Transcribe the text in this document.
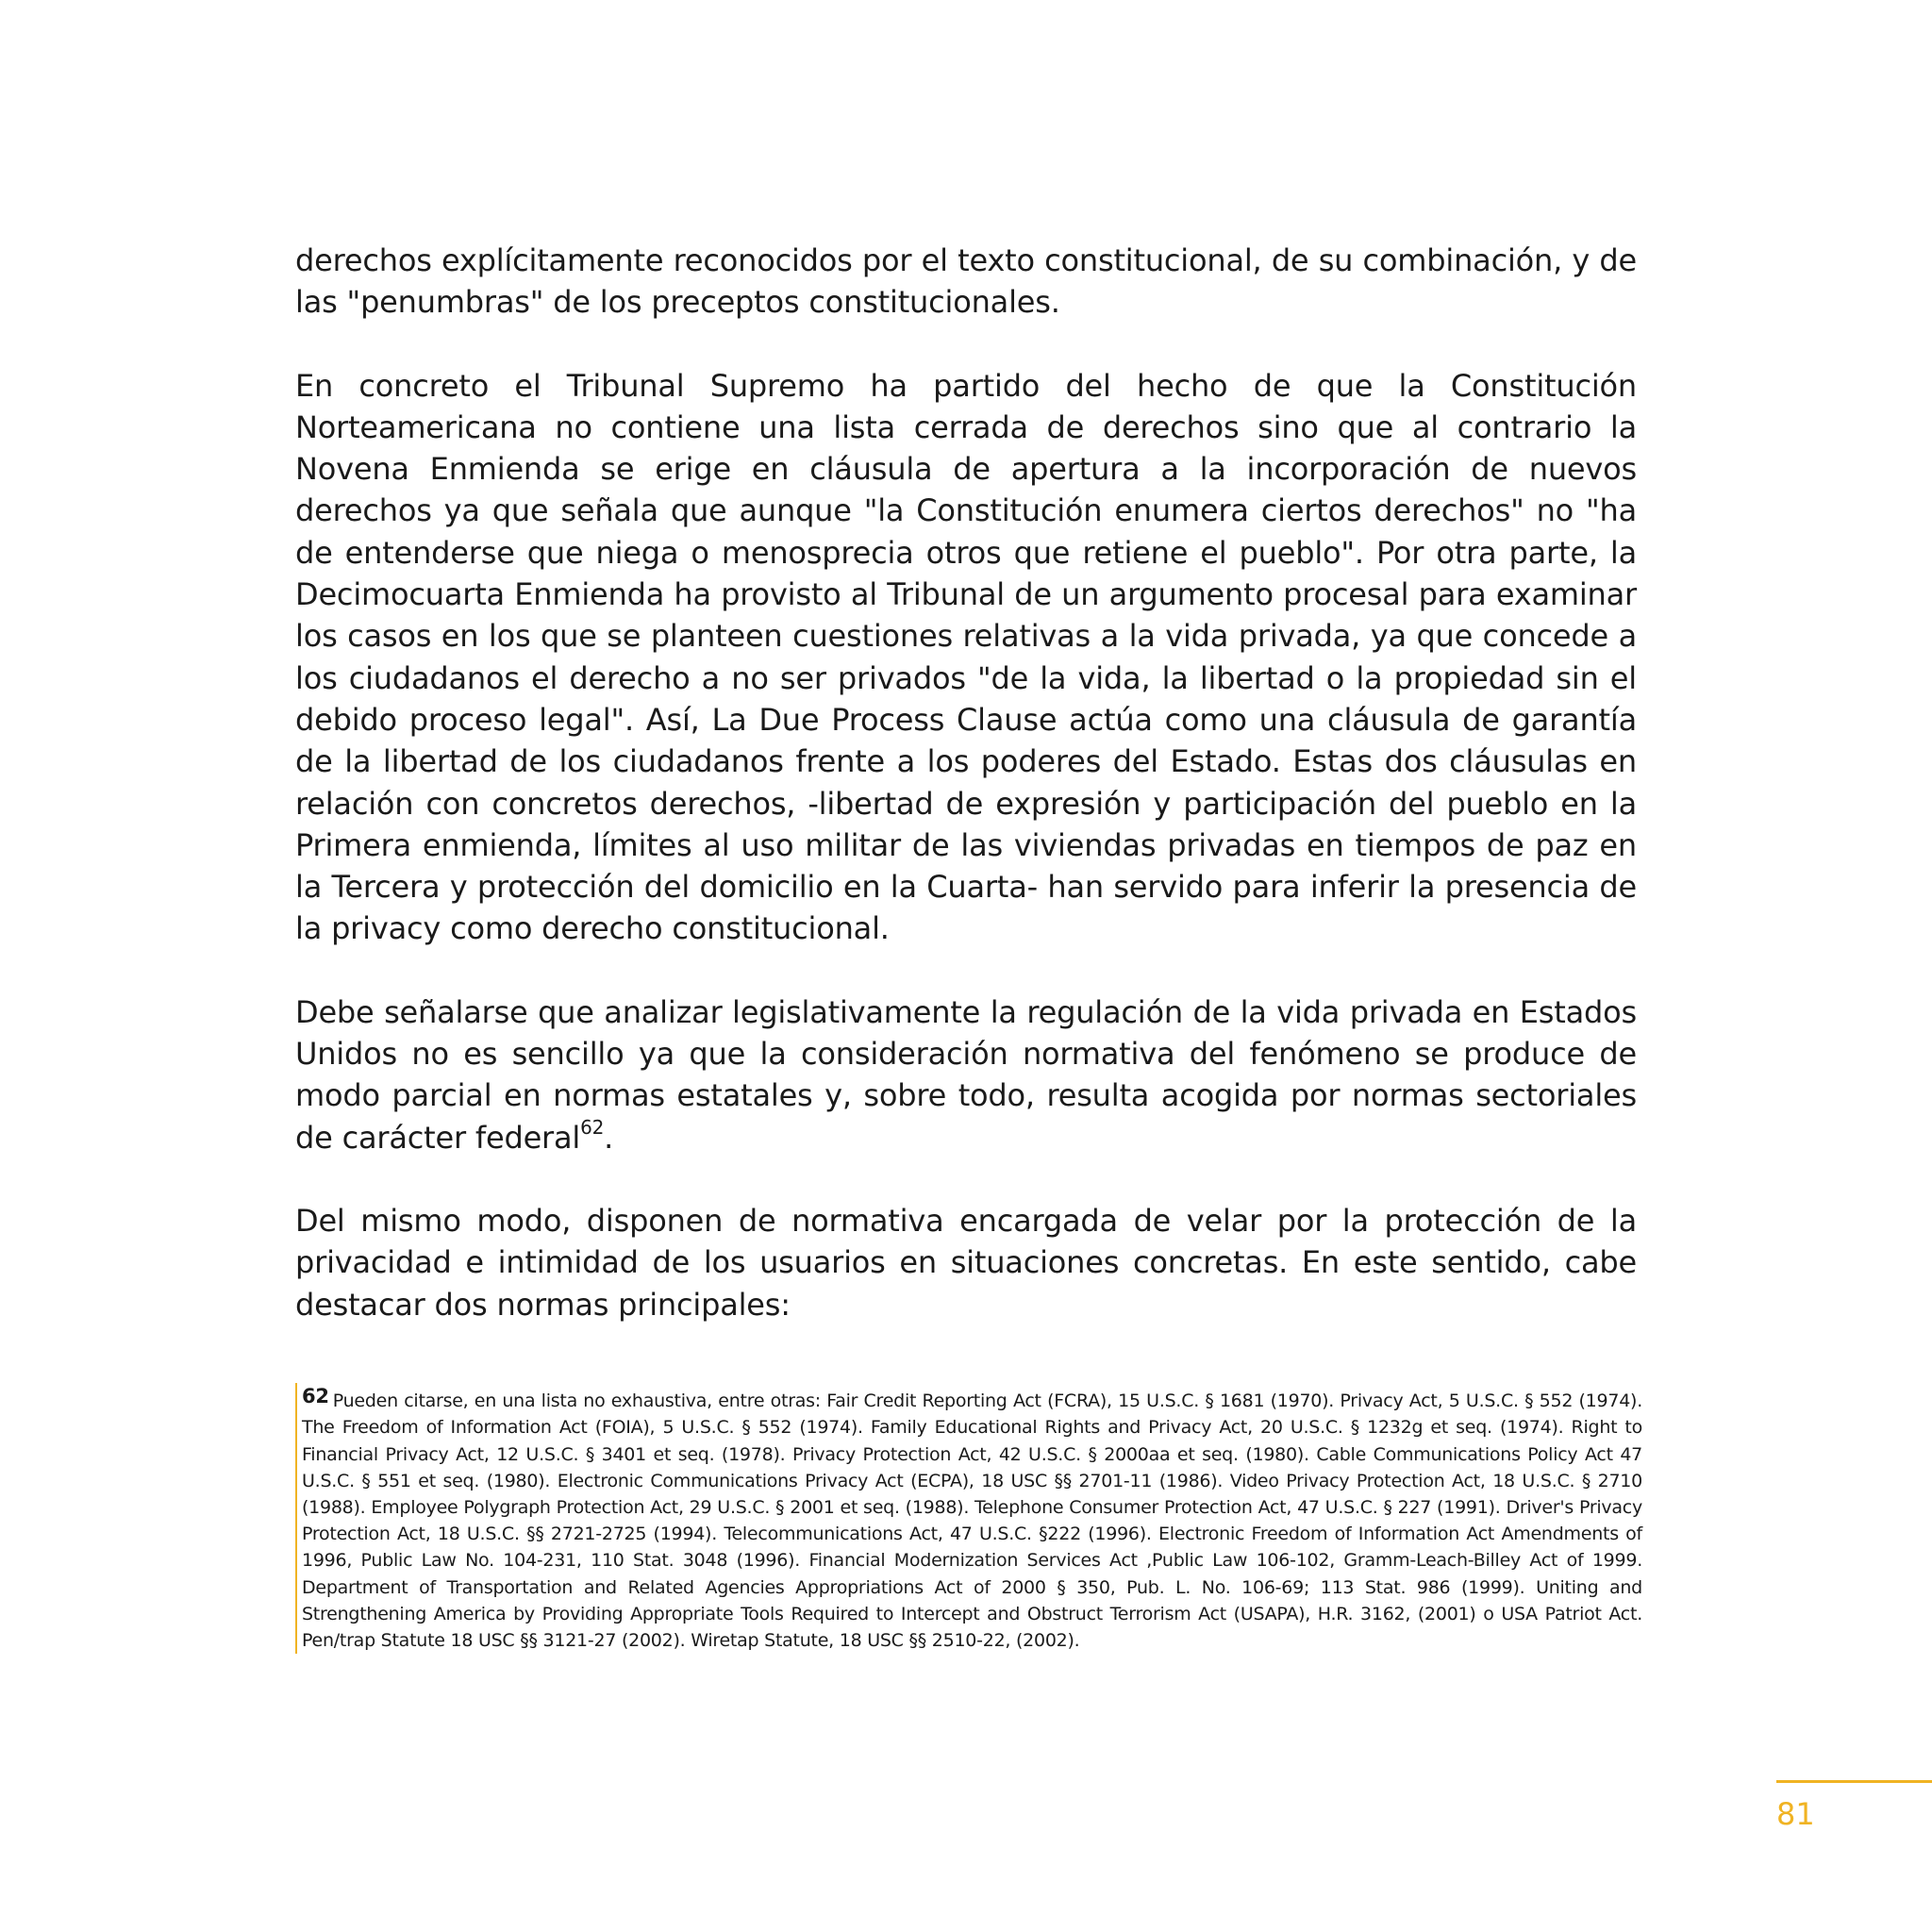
derechos explícitamente reconocidos por el texto constitucional, de su combinación, y de las "penumbras" de los preceptos constitucionales.

En concreto el Tribunal Supremo ha partido del hecho de que la Constitución Norteamericana no contiene una lista cerrada de derechos sino que al contrario la Novena Enmienda se erige en cláusula de apertura a la incorporación de nuevos derechos ya que señala que aunque "la Constitución enumera ciertos derechos" no "ha de entenderse que niega o menosprecia otros que retiene el pueblo". Por otra parte, la Decimocuarta Enmienda ha provisto al Tribunal de un argumento procesal para examinar los casos en los que se planteen cuestiones relativas a la vida privada, ya que concede a los ciudadanos el derecho a no ser privados "de la vida, la libertad o la propiedad sin el debido proceso legal". Así, La Due Process Clause actúa como una cláusula de garantía de la libertad de los ciudadanos frente a los poderes del Estado. Estas dos cláusulas en relación con concretos derechos, -libertad de expresión y participación del pueblo en la Primera enmienda, límites al uso militar de las viviendas privadas en tiempos de paz en la Tercera y protección del domicilio en la Cuarta- han servido para inferir la presencia de la privacy como derecho constitucional.

Debe señalarse que analizar legislativamente la regulación de la vida privada en Estados Unidos no es sencillo ya que la consideración normativa del fenómeno se produce de modo parcial en normas estatales y, sobre todo, resulta acogida por normas sectoriales de carácter federal$^{62}$.

Del mismo modo, disponen de normativa encargada de velar por la protección de la privacidad e intimidad de los usuarios en situaciones concretas. En este sentido, cabe destacar dos normas principales:

62 Pueden citarse, en una lista no exhaustiva, entre otras: Fair Credit Reporting Act (FCRA), 15 U.S.C. § 1681 (1970). Privacy Act, 5 U.S.C. § 552 (1974). The Freedom of Information Act (FOIA), 5 U.S.C. § 552 (1974). Family Educational Rights and Privacy Act, 20 U.S.C. § 1232g et seq. (1974). Right to Financial Privacy Act, 12 U.S.C. § 3401 et seq. (1978). Privacy Protection Act, 42 U.S.C. § 2000aa et seq. (1980). Cable Communications Policy Act 47 U.S.C. § 551 et seq. (1980). Electronic Communications Privacy Act (ECPA), 18 USC §§ 2701-11 (1986). Video Privacy Protection Act, 18 U.S.C. § 2710 (1988). Employee Polygraph Protection Act, 29 U.S.C. § 2001 et seq. (1988). Telephone Consumer Protection Act, 47 U.S.C. § 227 (1991). Driver's Privacy Protection Act, 18 U.S.C. §§ 2721-2725 (1994). Telecommunications Act, 47 U.S.C. §222 (1996). Electronic Freedom of Information Act Amendments of 1996, Public Law No. 104-231, 110 Stat. 3048 (1996). Financial Modernization Services Act ,Public Law 106-102, Gramm-Leach-Billey Act of 1999. Department of Transportation and Related Agencies Appropriations Act of 2000 § 350, Pub. L. No. 106-69; 113 Stat. 986 (1999). Uniting and Strengthening America by Providing Appropriate Tools Required to Intercept and Obstruct Terrorism Act (USAPA), H.R. 3162, (2001) o USA Patriot Act. Pen/trap Statute 18 USC §§ 3121-27 (2002). Wiretap Statute, 18 USC §§ 2510-22, (2002).

81
